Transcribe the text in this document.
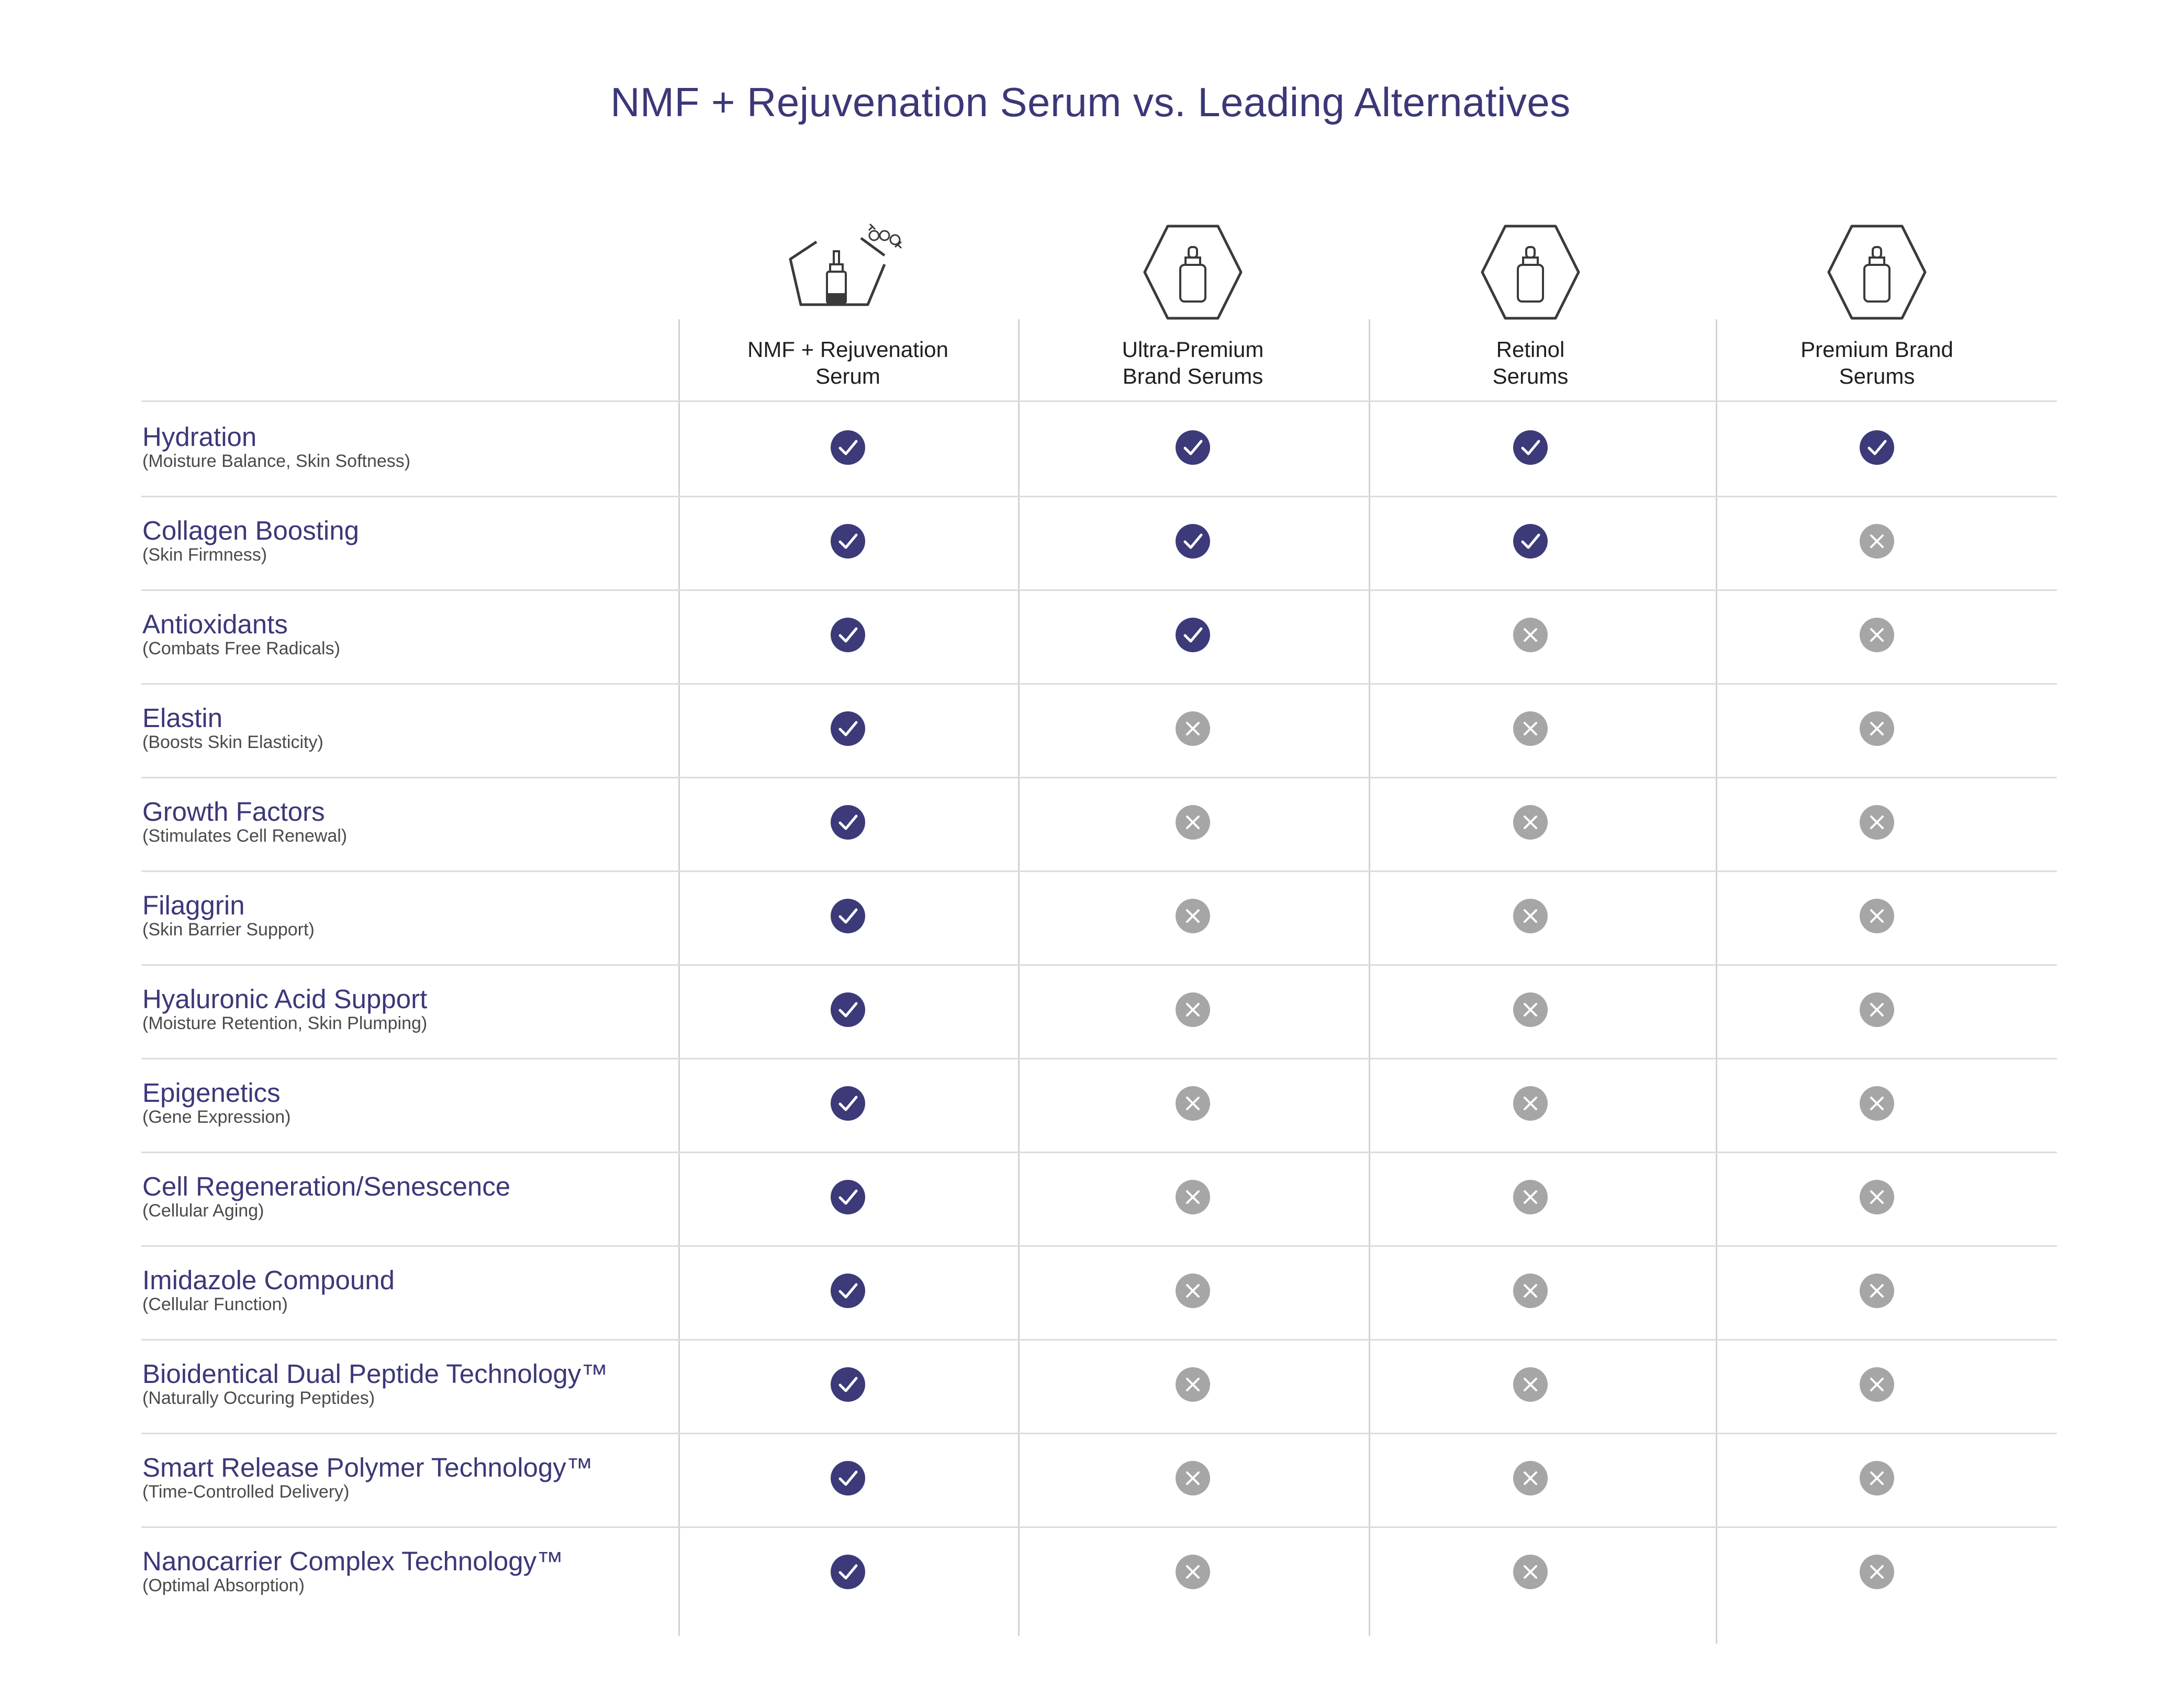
NMF + Rejuvenation Serum vs. Leading Alternatives
NMF + Rejuvenation
Serum
Ultra-Premium
Brand Serums
Retinol
Serums
Premium Brand
Serums
Hydration
(Moisture Balance, Skin Softness)
Collagen Boosting
(Skin Firmness)
Antioxidants
(Combats Free Radicals)
Elastin
(Boosts Skin Elasticity)
Growth Factors
(Stimulates Cell Renewal)
Filaggrin
(Skin Barrier Support)
Hyaluronic Acid Support
(Moisture Retention, Skin Plumping)
Epigenetics
(Gene Expression)
Cell Regeneration/Senescence
(Cellular Aging)
Imidazole Compound
(Cellular Function)
Bioidentical Dual Peptide Technology™
(Naturally Occuring Peptides)
Smart Release Polymer Technology™
(Time-Controlled Delivery)
Nanocarrier Complex Technology™
(Optimal Absorption)
